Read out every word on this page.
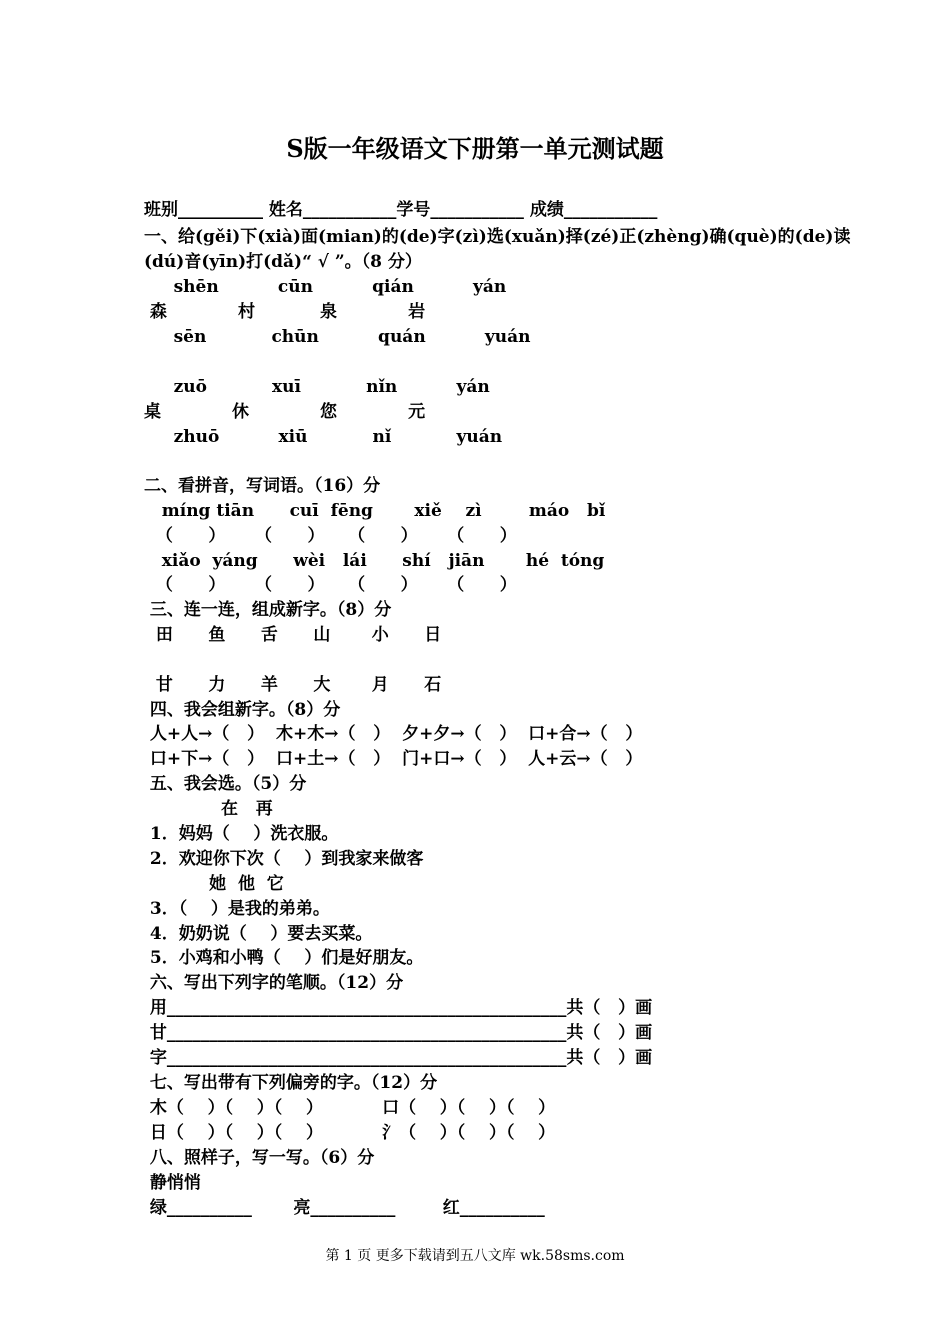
S版一年级语文下册第一单元测试题
班别__________ 姓名___________学号___________ 成绩___________
一、给(gěi)下(xià)面(mian)的(de)字(zì)选(xuǎn)择(zé)正(zhèng)确(què)的(de)读
(dú)音(yīn)打(dǎ)“ √ ”。（8 分）
shēn          cūn          qián          yán
森            村           泉            岩
sēn           chūn          quán          yuán
zuō           xuī           nǐn          yán
桌            休            您            元
zhuō          xiū           nǐ           yuán
二、看拼音，写词语。（16）分
míng tiān      cuī  fēng       xiě    zì        máo   bǐ
（      ）     （      ）    （      ）     （      ）
xiǎo  yáng      wèi   lái      shí   jiān       hé  tóng
（      ）     （      ）    （      ）     （      ）
三、连一连，组成新字。（8）分
田      鱼      舌      山       小      日
甘      力      羊      大       月      石
四、我会组新字。（8）分
人+人→（   ）  木+木→（   ）  夕+夕→（   ）  口+合→（   ）
口+下→（   ）  口+土→（   ）  门+口→（   ）  人+云→（   ）
五、我会选。（5）分
在   再
1．妈妈（    ）洗衣服。
2．欢迎你下次（    ）到我家来做客
她  他  它
3．（    ）是我的弟弟。
4．奶奶说（    ）要去买菜。
5．小鸡和小鸭（    ）们是好朋友。
六、写出下列字的笔顺。（12）分
用_______________________________________________共（   ）画
甘_______________________________________________共（   ）画
字_______________________________________________共（   ）画
七、写出带有下列偏旁的字。（12）分
木（    ）（    ）（    ）          口（    ）（    ）（    ）
日（    ）（    ）（    ）          氵（    ）（    ）（    ）
八、照样子，写一写。（6）分
静悄悄
绿__________       亮__________        红__________
第 1 页 更多下载请到五八文库 wk.58sms.com
